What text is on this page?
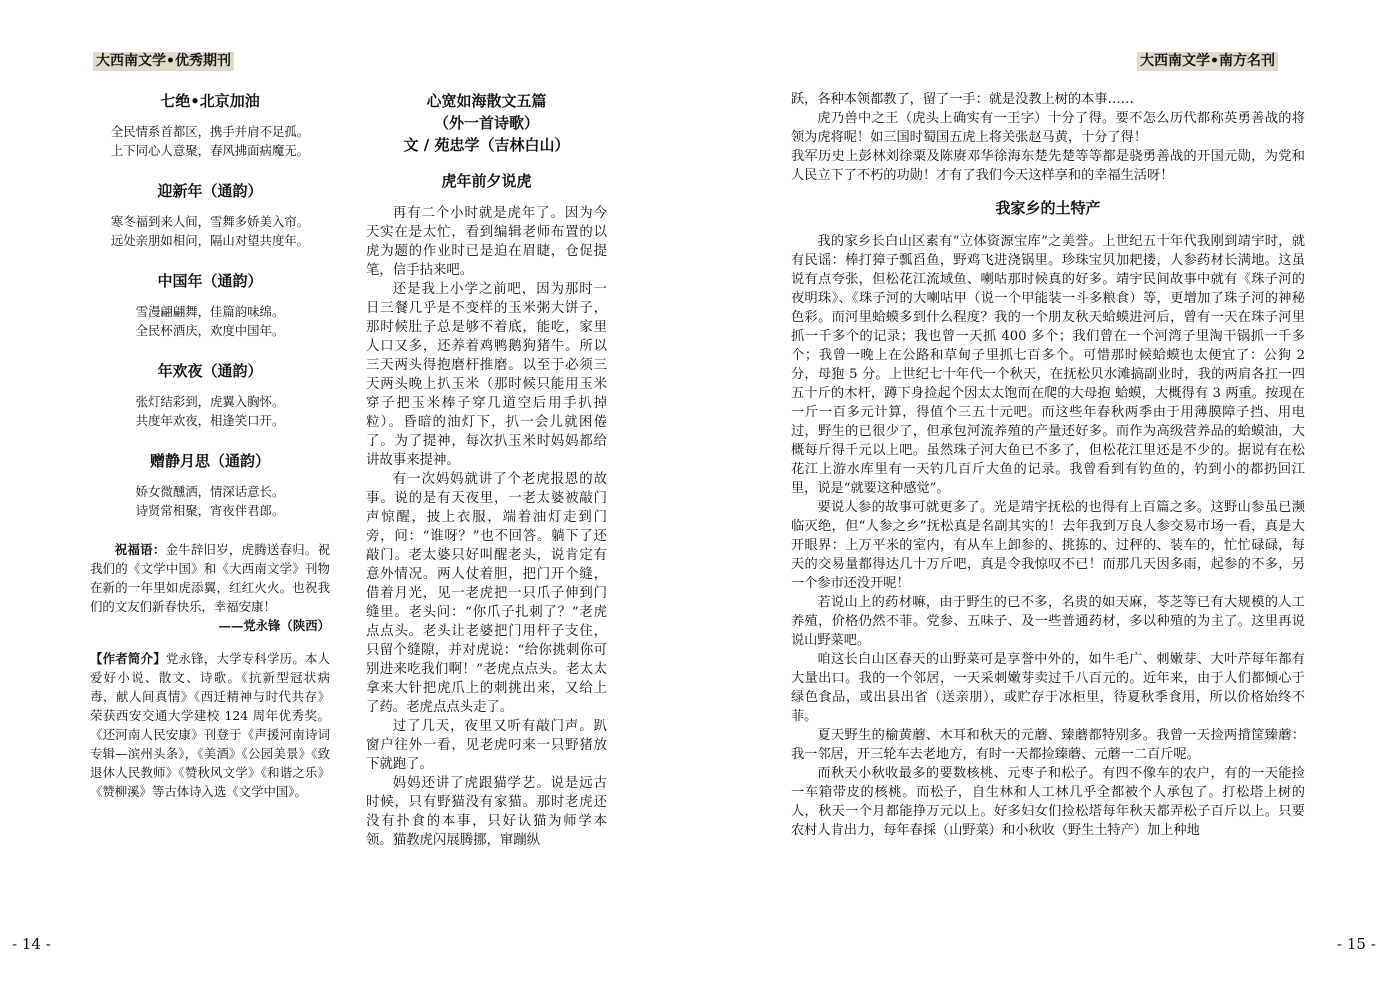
大西南文学•优秀期刊	大西南文学•南方名刊

七绝•北京加油

全民情系首都区，携手并肩不足孤。

上下同心人意聚，春风拂面病魔无。

迎新年（通韵）

寒冬福到来人间，雪舞多娇美入帘。

远处亲朋如相问，隔山对望共度年。

中国年（通韵）

雪漫翩翩舞，佳篇韵味绵。

全民杯酒庆，欢度中国年。

年欢夜（通韵）

张灯结彩到，虎翼入胸怀。

共度年欢夜，相逢笑口开。

赠静月思（通韵）

娇女微醺洒，情深话意长。

诗贤常相聚，宵夜伴君郎。

祝福语：金牛辞旧岁，虎腾送春归。祝我们的《文学中国》和《大西南文学》刊物在新的一年里如虎添翼，红红火火。也祝我们的文友们新春快乐，幸福安康！

——党永锋（陕西）

【作者简介】党永锋，大学专科学历。本人爱好小说、散文、诗歌。《抗新型冠状病毒，献人间真情》《西迁精神与时代共存》荣获西安交通大学建校 124 周年优秀奖。《还河南人民安康》刊登于《声援河南诗词专辑—滨州头条》，《美酒》《公园美景》《致退休人民教师》《赞秋风文学》《和谐之乐》《赞柳溪》等古体诗入选《文学中国》。

心宽如海散文五篇

（外一首诗歌）

文 / 苑忠学（吉林白山）

虎年前夕说虎

再有二个小时就是虎年了。因为今天实在是太忙，看到编辑老师布置的以虎为题的作业时已是迫在眉睫，仓促提笔，信手拈来吧。

还是我上小学之前吧，因为那时一日三餐几乎是不变样的玉米粥大饼子，那时候肚子总是够不着底，能吃，家里人口又多，还养着鸡鸭鹅狗猪牛。所以三天两头得抱磨杆推磨。以至于必须三天两头晚上扒玉米（那时候只能用玉米穿子把玉米棒子穿几道空后用手扒掉粒）。昏暗的油灯下，扒一会儿就困倦了。为了提神，每次扒玉米时妈妈都给讲故事来提神。

有一次妈妈就讲了个老虎报恩的故事。说的是有天夜里，一老太婆被敲门声惊醒，披上衣服，端着油灯走到门旁，问：“谁呀？”也不回答。躺下了还敲门。老太婆只好叫醒老头，说肯定有意外情况。两人仗着胆，把门开个缝，借着月光，见一老虎把一只爪子伸到门缝里。老头问：“你爪子扎刺了？”老虎点点头。老头让老婆把门用杆子支住，只留个缝隙，并对虎说：“给你挑刺你可别进来吃我们啊！”老虎点点头。老太太拿来大针把虎爪上的刺挑出来，又给上了药。老虎点点头走了。

过了几天，夜里又听有敲门声。趴窗户往外一看，见老虎叼来一只野猪放下就跑了。

妈妈还讲了虎跟猫学艺。说是远古时候，只有野猫没有家猫。那时老虎还没有扑食的本事，只好认猫为师学本领。猫教虎闪展腾挪，窜蹦纵

跃，各种本领都教了，留了一手：就是没教上树的本事……

虎乃兽中之王（虎头上确实有一王字）十分了得。要不怎么历代都称英勇善战的将领为虎将呢！如三国时蜀国五虎上将关张赵马黄，十分了得！

我军历史上彭林刘徐粟及陈赓邓华徐海东楚先楚等等都是骁勇善战的开国元勋，为党和人民立下了不朽的功勋！才有了我们今天这样享和的幸福生活呀！

我家乡的土特产

我的家乡长白山区素有“立体资源宝库”之美誉。上世纪五十年代我刚到靖宇时，就有民谣：棒打獐子瓢舀鱼，野鸡飞进浇锅里。珍珠宝贝加耙搂，人参药材长满地。这虽说有点夸张，但松花江流域鱼、喇咕那时候真的好多。靖宇民间故事中就有《珠子河的夜明珠》、《珠子河的大喇咕甲（说一个甲能装一斗多粮食）等，更增加了珠子河的神秘色彩。而河里蛤蟆多到什么程度？我的一个朋友秋天蛤蟆进河后，曾有一天在珠子河里抓一千多个的记录；我也曾一天抓 400 多个；我们曾在一个河湾子里淘干锅抓一千多个；我曾一晚上在公路和草甸子里抓七百多个。可惜那时候蛤蟆也太便宜了：公狗 2 分，母狍 5 分。上世纪七十年代一个秋天，在抚松贝水滩搞副业时，我的两肩各扛一四五十斤的木杆，蹲下身捡起个因太太饱而在爬的大母抱 蛤蟆，大概得有 3 两重。按现在一斤一百多元计算，得值个三五十元吧。而这些年春秋两季由于用薄膜障子挡、用电过，野生的已很少了，但承包河流养殖的产量还好多。而作为高级营养品的蛤蟆油，大概每斤得千元以上吧。虽然珠子河大鱼已不多了，但松花江里还是不少的。据说有在松花江上游水库里有一天钓几百斤大鱼的记录。我曾看到有钓鱼的，钓到小的都扔回江里，说是“就要这种感觉”。

要说人参的故事可就更多了。光是靖宇抚松的也得有上百篇之多。这野山参虽已濒临灭绝，但“人参之乡”抚松真是名副其实的！去年我到万良人参交易市场一看，真是大开眼界：上万平米的室内，有从车上卸参的、挑拣的、过秤的、装车的，忙忙碌碌，每天的交易量都得达几十万斤吧，真是令我惊叹不已！而那几天因多雨，起参的不多，另一个参市还没开呢！

若说山上的药材嘛，由于野生的已不多，名贵的如天麻，苓芝等已有大规模的人工养殖，价格仍然不菲。党参、五味子、及一些普通药材，多以种殖的为主了。这里再说说山野菜吧。

咱这长白山区春天的山野菜可是享誉中外的，如牛毛广、刺嫩芽、大叶芹每年都有大量出口。我的一个邻居，一天采刺嫩芽卖过千八百元的。近年来，由于人们都倾心于绿色食品，或出县出省（送亲朋），或贮存于冰柜里，待夏秋季食用，所以价格始终不菲。

夏天野生的榆黄蘑、木耳和秋天的元蘑、臻蘑都特别多。我曾一天捡两揹筐臻蘑：我一邻居，开三轮车去老地方，有时一天都捡臻蘑、元蘑一二百斤呢。

而秋天小秋收最多的要数核桃、元枣子和松子。有四不像车的农户，有的一天能捡一车箱带皮的核桃。而松子，自生林和人工林几乎全都被个人承包了。打松塔上树的人，秋天一个月都能挣万元以上。好多妇女们捡松塔每年秋天都弄松子百斤以上。只要农村人肯出力，每年春採（山野菜）和小秋收（野生土特产）加上种地

- 14 -	- 15 -
